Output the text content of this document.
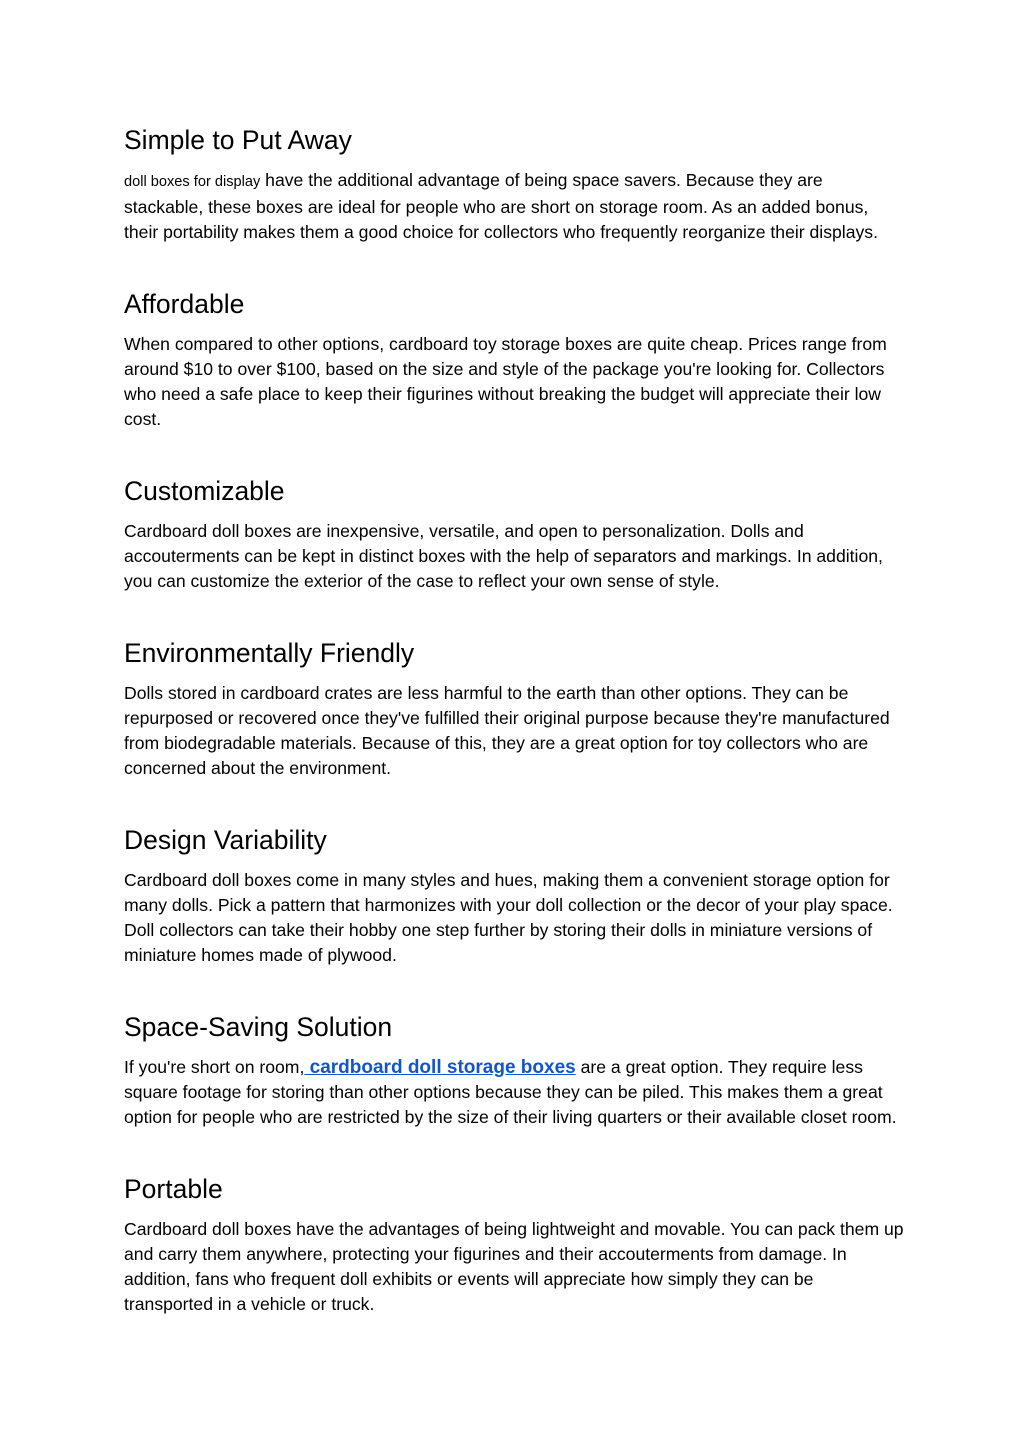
Simple to Put Away

doll boxes for display have the additional advantage of being space savers. Because they are stackable, these boxes are ideal for people who are short on storage room. As an added bonus, their portability makes them a good choice for collectors who frequently reorganize their displays.

Affordable

When compared to other options, cardboard toy storage boxes are quite cheap. Prices range from around $10 to over $100, based on the size and style of the package you're looking for. Collectors who need a safe place to keep their figurines without breaking the budget will appreciate their low cost.

Customizable

Cardboard doll boxes are inexpensive, versatile, and open to personalization. Dolls and accouterments can be kept in distinct boxes with the help of separators and markings. In addition, you can customize the exterior of the case to reflect your own sense of style.

Environmentally Friendly

Dolls stored in cardboard crates are less harmful to the earth than other options. They can be repurposed or recovered once they've fulfilled their original purpose because they're manufactured from biodegradable materials. Because of this, they are a great option for toy collectors who are concerned about the environment.

Design Variability

Cardboard doll boxes come in many styles and hues, making them a convenient storage option for many dolls. Pick a pattern that harmonizes with your doll collection or the decor of your play space. Doll collectors can take their hobby one step further by storing their dolls in miniature versions of miniature homes made of plywood.

Space-Saving Solution

If you're short on room, cardboard doll storage boxes are a great option. They require less square footage for storing than other options because they can be piled. This makes them a great option for people who are restricted by the size of their living quarters or their available closet room.

Portable

Cardboard doll boxes have the advantages of being lightweight and movable. You can pack them up and carry them anywhere, protecting your figurines and their accouterments from damage. In addition, fans who frequent doll exhibits or events will appreciate how simply they can be transported in a vehicle or truck.
